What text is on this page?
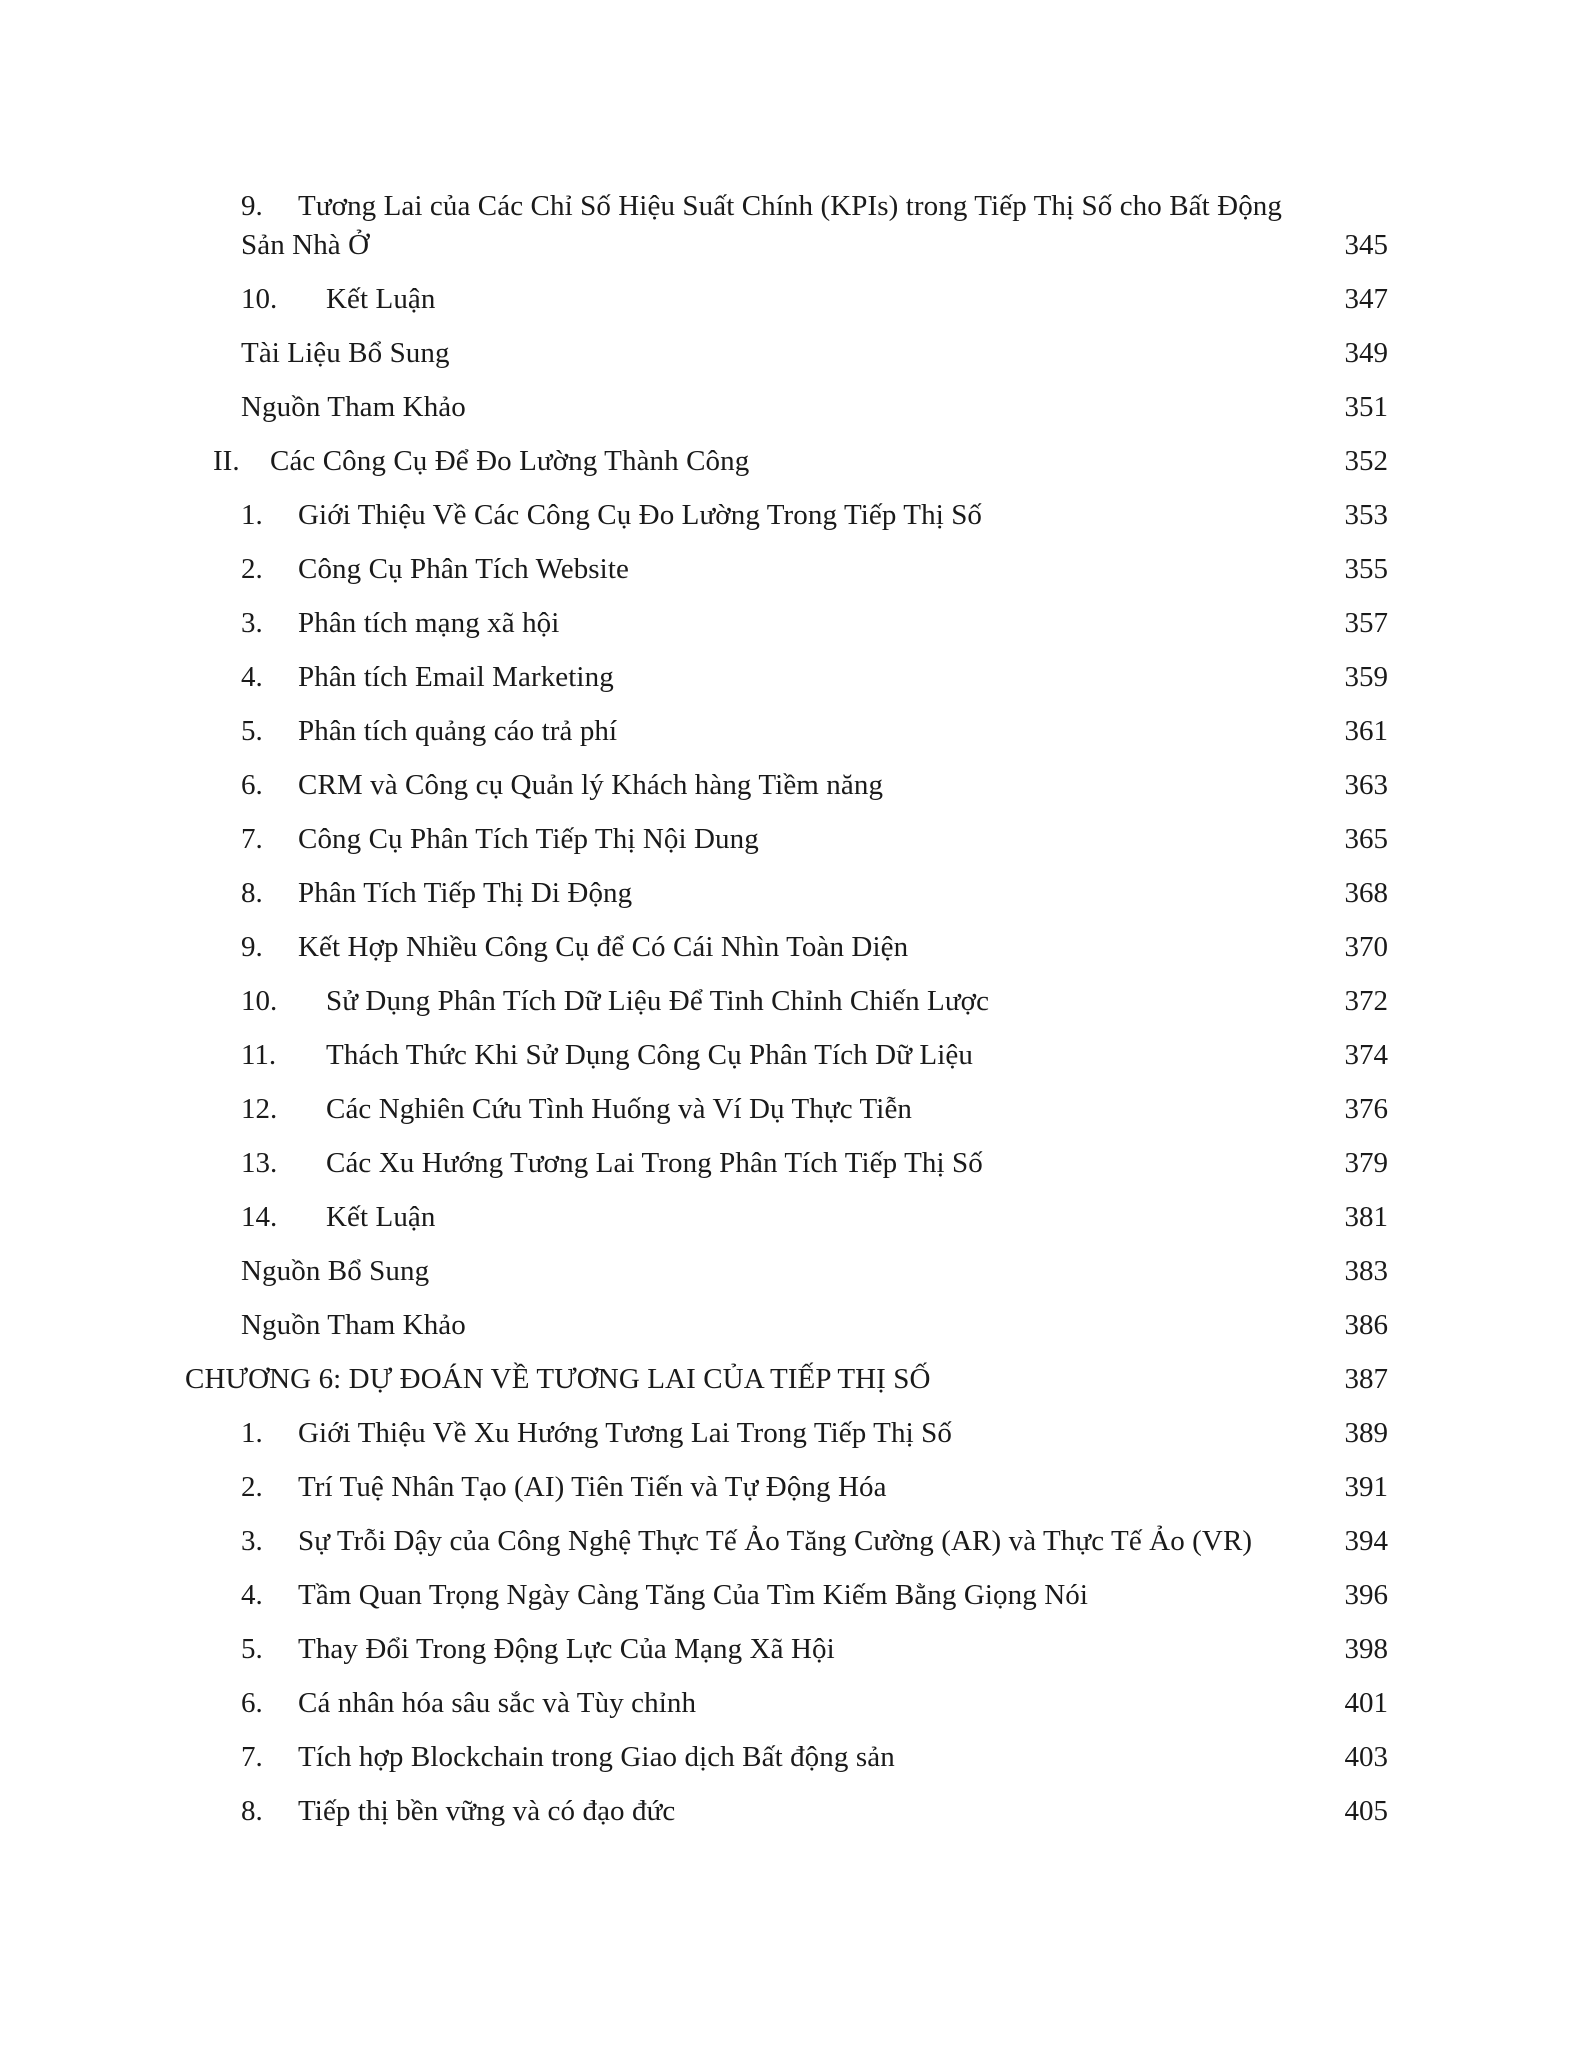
9. Tương Lai của Các Chỉ Số Hiệu Suất Chính (KPIs) trong Tiếp Thị Số cho Bất Động
Sản Nhà Ở	345
10. Kết Luận	347
Tài Liệu Bổ Sung	349
Nguồn Tham Khảo	351
II. Các Công Cụ Để Đo Lường Thành Công	352
1. Giới Thiệu Về Các Công Cụ Đo Lường Trong Tiếp Thị Số	353
2. Công Cụ Phân Tích Website	355
3. Phân tích mạng xã hội	357
4. Phân tích Email Marketing	359
5. Phân tích quảng cáo trả phí	361
6. CRM và Công cụ Quản lý Khách hàng Tiềm năng	363
7. Công Cụ Phân Tích Tiếp Thị Nội Dung	365
8. Phân Tích Tiếp Thị Di Động	368
9. Kết Hợp Nhiều Công Cụ để Có Cái Nhìn Toàn Diện	370
10. Sử Dụng Phân Tích Dữ Liệu Để Tinh Chỉnh Chiến Lược	372
11. Thách Thức Khi Sử Dụng Công Cụ Phân Tích Dữ Liệu	374
12. Các Nghiên Cứu Tình Huống và Ví Dụ Thực Tiễn	376
13. Các Xu Hướng Tương Lai Trong Phân Tích Tiếp Thị Số	379
14. Kết Luận	381
Nguồn Bổ Sung	383
Nguồn Tham Khảo	386
CHƯƠNG 6: DỰ ĐOÁN VỀ TƯƠNG LAI CỦA TIẾP THỊ SỐ	387
1. Giới Thiệu Về Xu Hướng Tương Lai Trong Tiếp Thị Số	389
2. Trí Tuệ Nhân Tạo (AI) Tiên Tiến và Tự Động Hóa	391
3. Sự Trỗi Dậy của Công Nghệ Thực Tế Ảo Tăng Cường (AR) và Thực Tế Ảo (VR)	394
4. Tầm Quan Trọng Ngày Càng Tăng Của Tìm Kiếm Bằng Giọng Nói	396
5. Thay Đổi Trong Động Lực Của Mạng Xã Hội	398
6. Cá nhân hóa sâu sắc và Tùy chỉnh	401
7. Tích hợp Blockchain trong Giao dịch Bất động sản	403
8. Tiếp thị bền vững và có đạo đức	405
